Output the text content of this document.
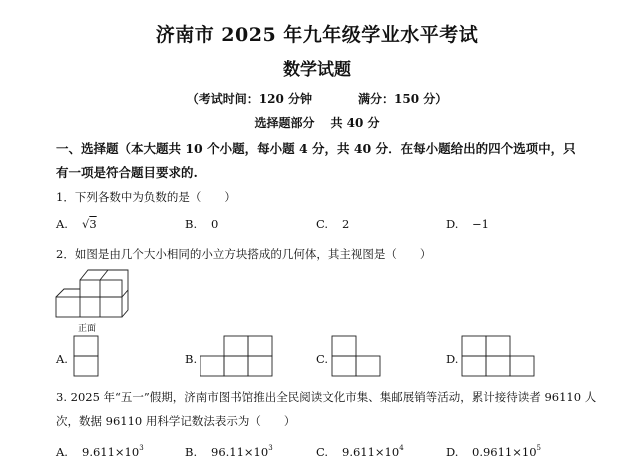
济南市 2025 年九年级学业水平考试
数学试题
（考试时间：120 分钟	满分：150 分）
选择题部分 共 40 分
一、选择题（本大题共 10 个小题，每小题 4 分，共 40 分．在每小题给出的四个选项中，只
有一项是符合题目要求的.
1．下列各数中为负数的是（　　）
A. √3	B. 0	C. 2	D. −1
2．如图是由几个大小相同的小立方块搭成的几何体，其主视图是（　　）
正面
A.	B.	C.	D.
3. 2025 年“五一”假期，济南市图书馆推出全民阅读文化市集、集邮展销等活动，累计接待读者 96110 人
次，数据 96110 用科学记数法表示为（　　）
A. $9.611\times 10^3$	B. $96.11\times 10^3$	C. $9.611\times 10^4$	D. $0.9611\times 10^5$
